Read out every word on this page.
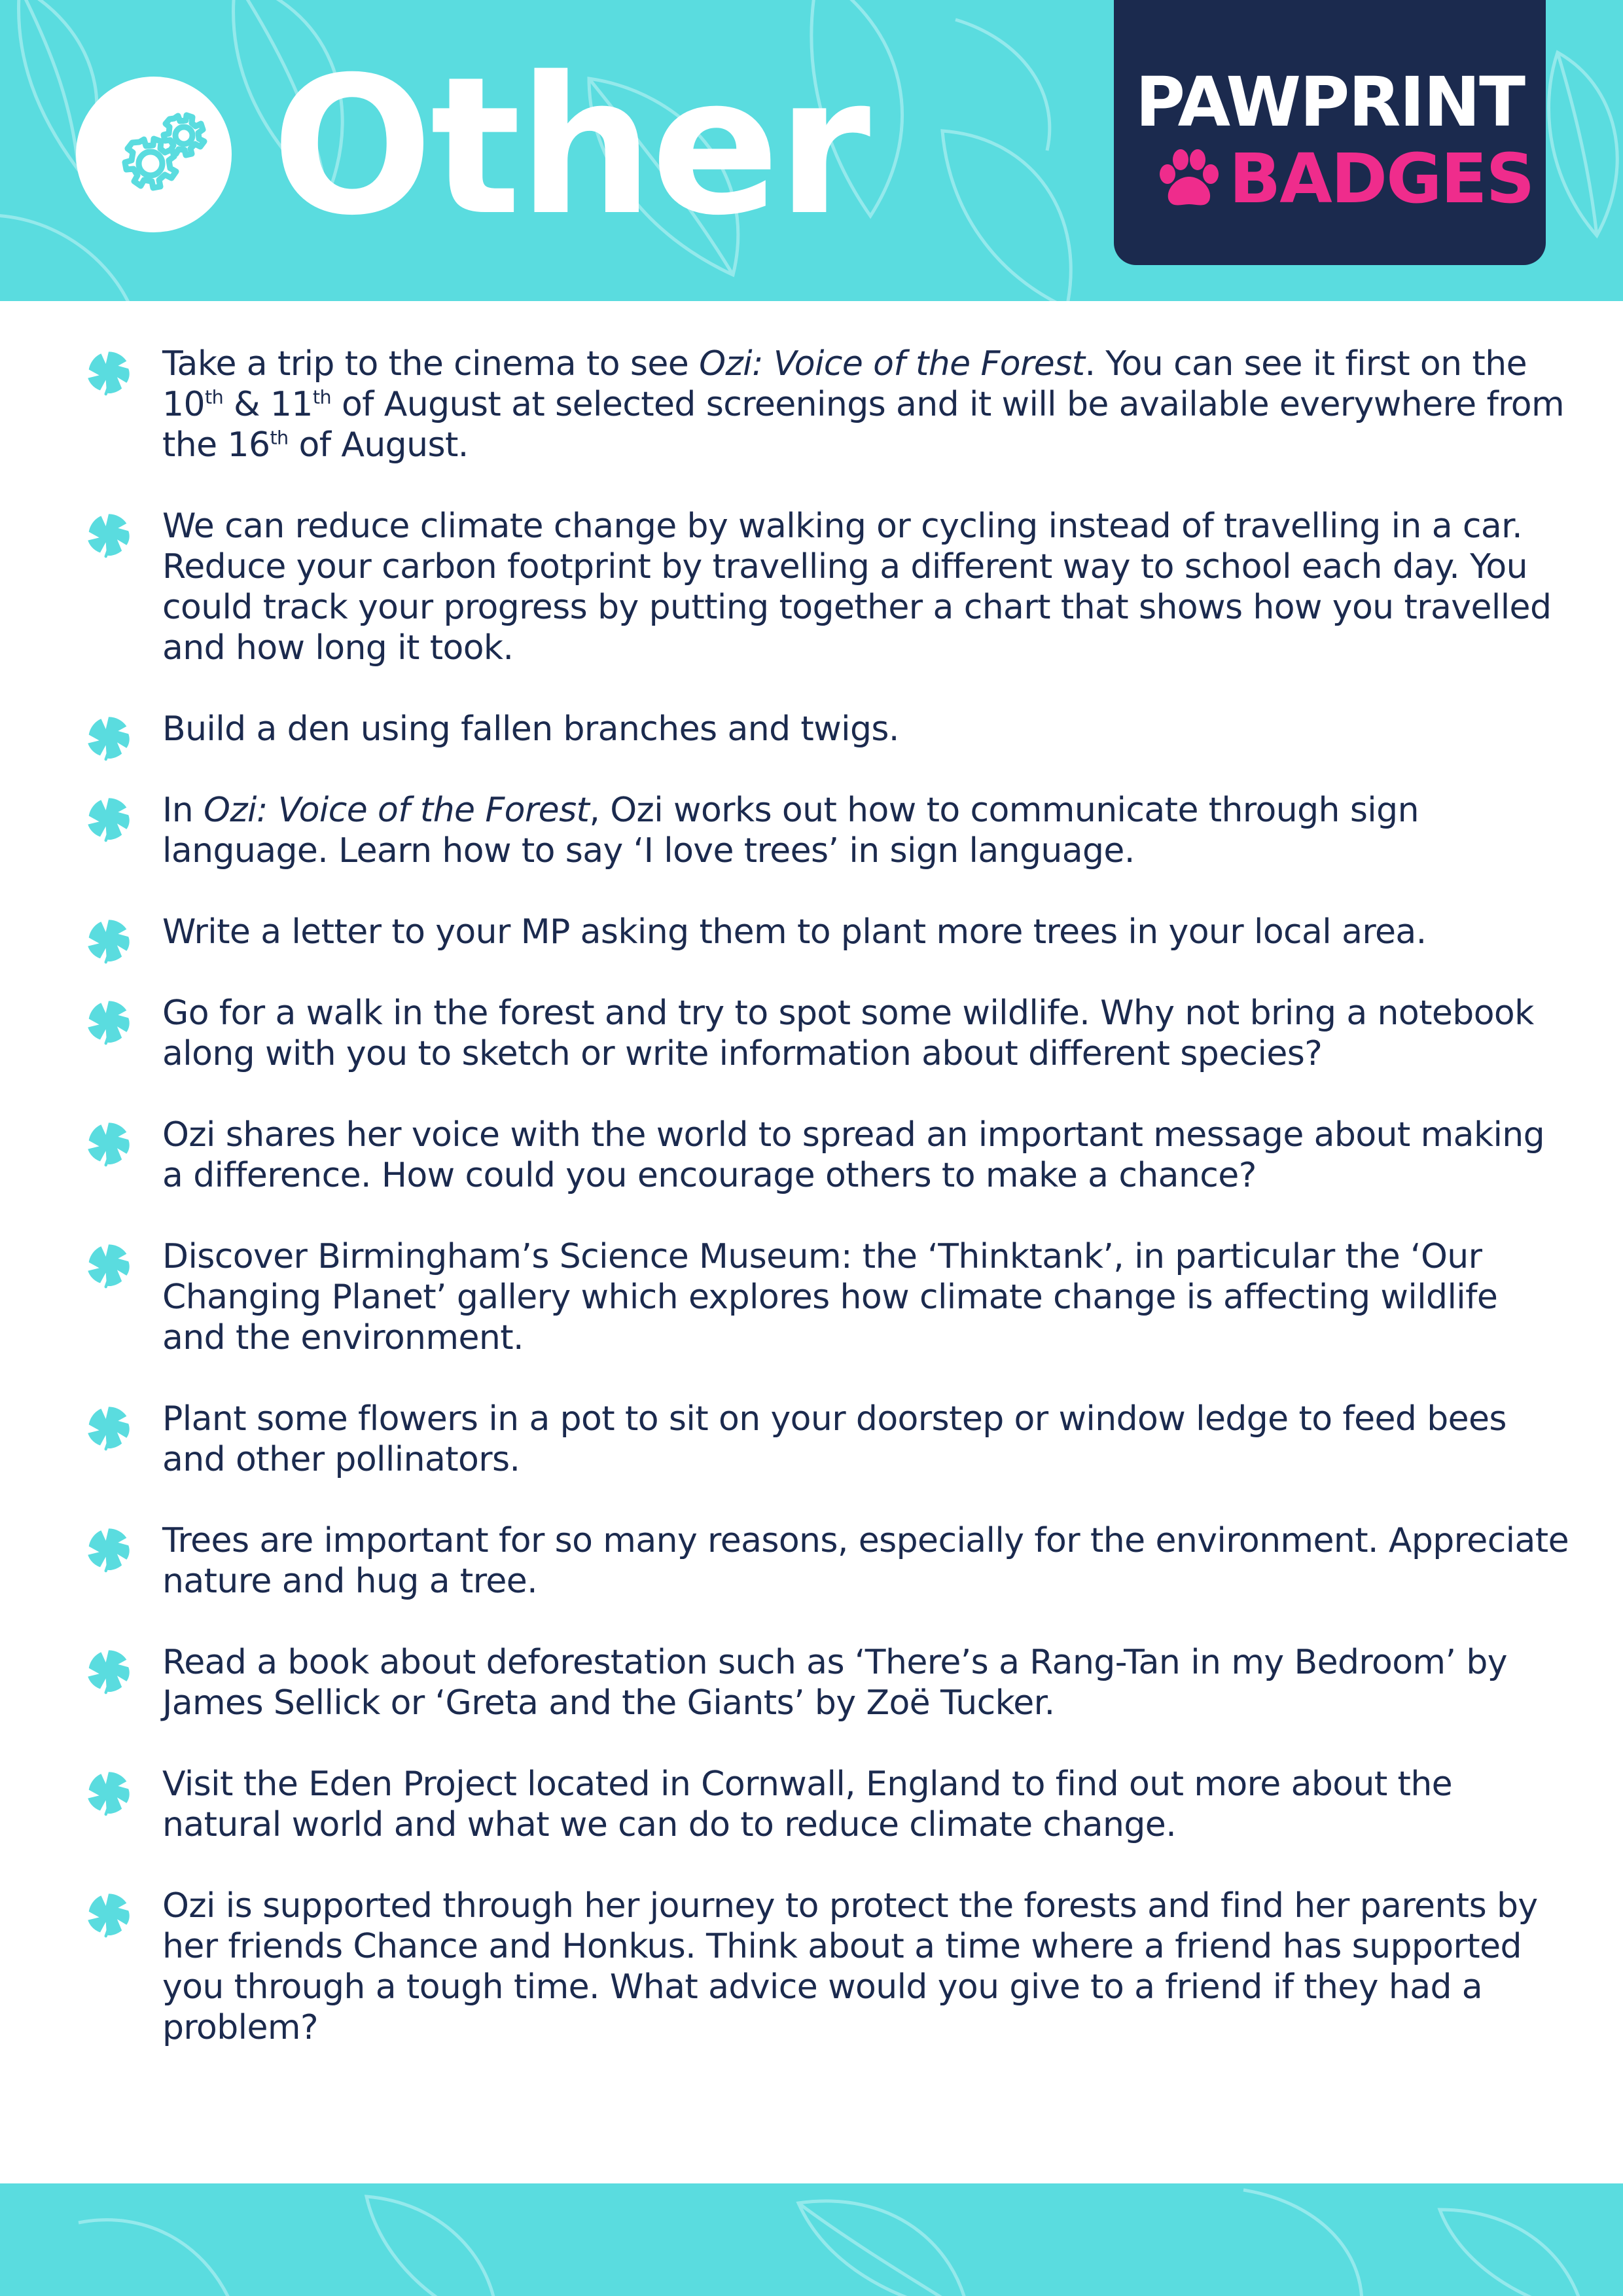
Other	PAWPRINT
BADGES

Take a trip to the cinema to see Ozi: Voice of the Forest. You can see it first on the 10th & 11th of August at selected screenings and it will be available everywhere from the 16th of August.

We can reduce climate change by walking or cycling instead of travelling in a car. Reduce your carbon footprint by travelling a different way to school each day. You could track your progress by putting together a chart that shows how you travelled and how long it took.

Build a den using fallen branches and twigs.

In Ozi: Voice of the Forest, Ozi works out how to communicate through sign language. Learn how to say ‘I love trees’ in sign language.

Write a letter to your MP asking them to plant more trees in your local area.

Go for a walk in the forest and try to spot some wildlife. Why not bring a notebook along with you to sketch or write information about different species?

Ozi shares her voice with the world to spread an important message about making a difference. How could you encourage others to make a chance?

Discover Birmingham’s Science Museum: the ‘Thinktank’, in particular the ‘Our Changing Planet’ gallery which explores how climate change is affecting wildlife and the environment.

Plant some flowers in a pot to sit on your doorstep or window ledge to feed bees and other pollinators.

Trees are important for so many reasons, especially for the environment. Appreciate nature and hug a tree.

Read a book about deforestation such as ‘There’s a Rang-Tan in my Bedroom’ by James Sellick or ‘Greta and the Giants’ by Zoë Tucker.

Visit the Eden Project located in Cornwall, England to find out more about the natural world and what we can do to reduce climate change.

Ozi is supported through her journey to protect the forests and find her parents by her friends Chance and Honkus. Think about a time where a friend has supported you through a tough time. What advice would you give to a friend if they had a problem?
